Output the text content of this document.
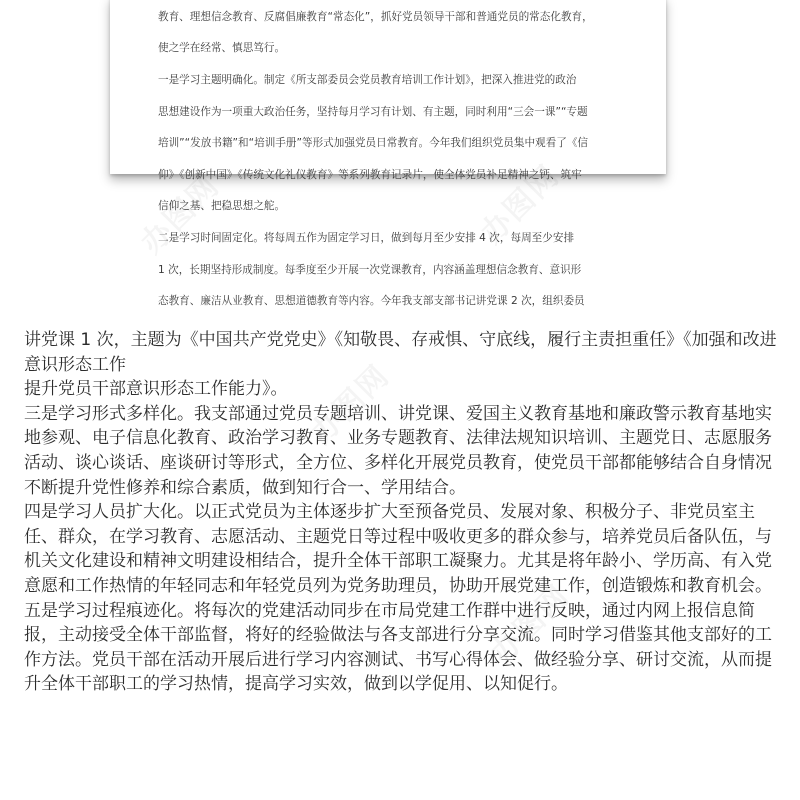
教育、理想信念教育、反腐倡廉教育“常态化”，抓好党员领导干部和普通党员的常态化教育，

使之学在经常、慎思笃行。

一是学习主题明确化。制定《所支部委员会党员教育培训工作计划》，把深入推进党的政治

思想建设作为一项重大政治任务，坚持每月学习有计划、有主题，同时利用“三会一课”“专题

培训”“发放书籍”和“培训手册”等形式加强党员日常教育。今年我们组织党员集中观看了《信

仰》《创新中国》《传统文化礼仪教育》等系列教育记录片，使全体党员补足精神之钙、筑牢

信仰之基、把稳思想之舵。

二是学习时间固定化。将每周五作为固定学习日，做到每月至少安排 4 次，每周至少安排

1 次，长期坚持形成制度。每季度至少开展一次党课教育，内容涵盖理想信念教育、意识形

态教育、廉洁从业教育、思想道德教育等内容。今年我支部支部书记讲党课 2 次，组织委员

讲党课 1 次，主题为《中国共产党党史》《知敬畏、存戒惧、守底线，履行主责担重任》《加强和改进意识形态工作
提升党员干部意识形态工作能力》。

三是学习形式多样化。我支部通过党员专题培训、讲党课、爱国主义教育基地和廉政警示教育基地实地参观、电子信息化教育、政治学习教育、业务专题教育、法律法规知识培训、主题党日、志愿服务活动、谈心谈话、座谈研讨等形式，全方位、多样化开展党员教育，使党员干部都能够结合自身情况不断提升党性修养和综合素质，做到知行合一、学用结合。

四是学习人员扩大化。以正式党员为主体逐步扩大至预备党员、发展对象、积极分子、非党员室主任、群众，在学习教育、志愿活动、主题党日等过程中吸收更多的群众参与，培养党员后备队伍，与机关文化建设和精神文明建设相结合，提升全体干部职工凝聚力。尤其是将年龄小、学历高、有入党意愿和工作热情的年轻同志和年轻党员列为党务助理员，协助开展党建工作，创造锻炼和教育机会。

五是学习过程痕迹化。将每次的党建活动同步在市局党建工作群中进行反映，通过内网上报信息简报，主动接受全体干部监督，将好的经验做法与各支部进行分享交流。同时学习借鉴其他支部好的工作方法。党员干部在活动开展后进行学习内容测试、书写心得体会、做经验分享、研讨交流，从而提升全体干部职工的学习热情，提高学习实效，做到以学促用、以知促行。
